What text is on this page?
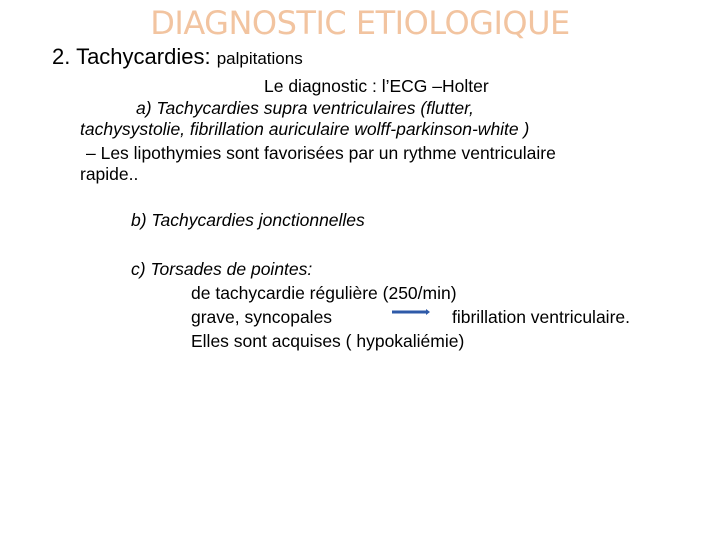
DIAGNOSTIC ETIOLOGIQUE
2. Tachycardies: palpitations
Le diagnostic : l’ECG –Holter
a) Tachycardies supra ventriculaires (flutter,
tachysystolie, fibrillation auriculaire wolff-parkinson-white )
– Les lipothymies sont favorisées par un rythme ventriculaire
rapide..
b) Tachycardies jonctionnelles
c) Torsades de pointes:
de tachycardie régulière (250/min)
grave, syncopales	fibrillation ventriculaire.
Elles sont acquises ( hypokaliémie)
